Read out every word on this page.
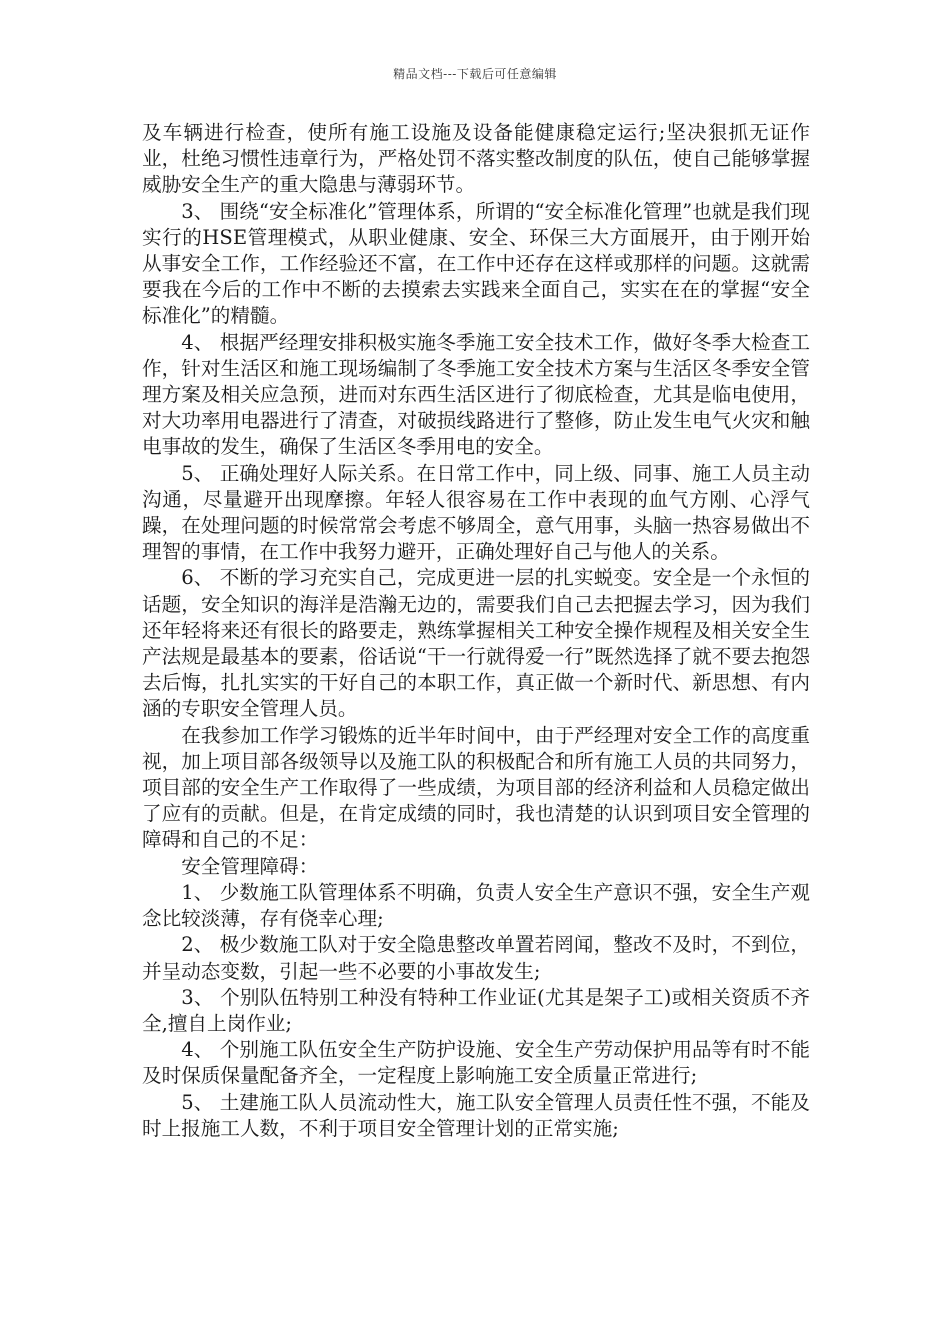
精品文档---下载后可任意编辑

及车辆进行检查，使所有施工设施及设备能健康稳定运行;坚决狠抓无证作业，杜绝习惯性违章行为，严格处罚不落实整改制度的队伍，使自己能够掌握威胁安全生产的重大隐患与薄弱环节。

3、 围绕“安全标准化”管理体系，所谓的“安全标准化管理”也就是我们现实行的HSE管理模式，从职业健康、安全、环保三大方面展开，由于刚开始从事安全工作，工作经验还不富，在工作中还存在这样或那样的问题。这就需要我在今后的工作中不断的去摸索去实践来全面自己，实实在在的掌握“安全标准化”的精髓。

4、 根据严经理安排积极实施冬季施工安全技术工作，做好冬季大检查工作，针对生活区和施工现场编制了冬季施工安全技术方案与生活区冬季安全管理方案及相关应急预，进而对东西生活区进行了彻底检查，尤其是临电使用，对大功率用电器进行了清查，对破损线路进行了整修，防止发生电气火灾和触电事故的发生，确保了生活区冬季用电的安全。

5、 正确处理好人际关系。在日常工作中，同上级、同事、施工人员主动沟通，尽量避开出现摩擦。年轻人很容易在工作中表现的血气方刚、心浮气躁，在处理问题的时候常常会考虑不够周全，意气用事，头脑一热容易做出不理智的事情，在工作中我努力避开，正确处理好自己与他人的关系。

6、 不断的学习充实自己，完成更进一层的扎实蜕变。安全是一个永恒的话题，安全知识的海洋是浩瀚无边的，需要我们自己去把握去学习，因为我们还年轻将来还有很长的路要走，熟练掌握相关工种安全操作规程及相关安全生产法规是最基本的要素，俗话说“干一行就得爱一行”既然选择了就不要去抱怨去后悔，扎扎实实的干好自己的本职工作，真正做一个新时代、新思想、有内涵的专职安全管理人员。

在我参加工作学习锻炼的近半年时间中，由于严经理对安全工作的高度重视，加上项目部各级领导以及施工队的积极配合和所有施工人员的共同努力，项目部的安全生产工作取得了一些成绩，为项目部的经济利益和人员稳定做出了应有的贡献。但是，在肯定成绩的同时，我也清楚的认识到项目安全管理的障碍和自己的不足：

安全管理障碍：

1、 少数施工队管理体系不明确，负责人安全生产意识不强，安全生产观念比较淡薄，存有侥幸心理;

2、 极少数施工队对于安全隐患整改单置若罔闻，整改不及时，不到位，并呈动态变数，引起一些不必要的小事故发生;

3、 个别队伍特别工种没有特种工作业证(尤其是架子工)或相关资质不齐全,擅自上岗作业;

4、 个别施工队伍安全生产防护设施、安全生产劳动保护用品等有时不能及时保质保量配备齐全，一定程度上影响施工安全质量正常进行;

5、 土建施工队人员流动性大，施工队安全管理人员责任性不强，不能及时上报施工人数，不利于项目安全管理计划的正常实施;
